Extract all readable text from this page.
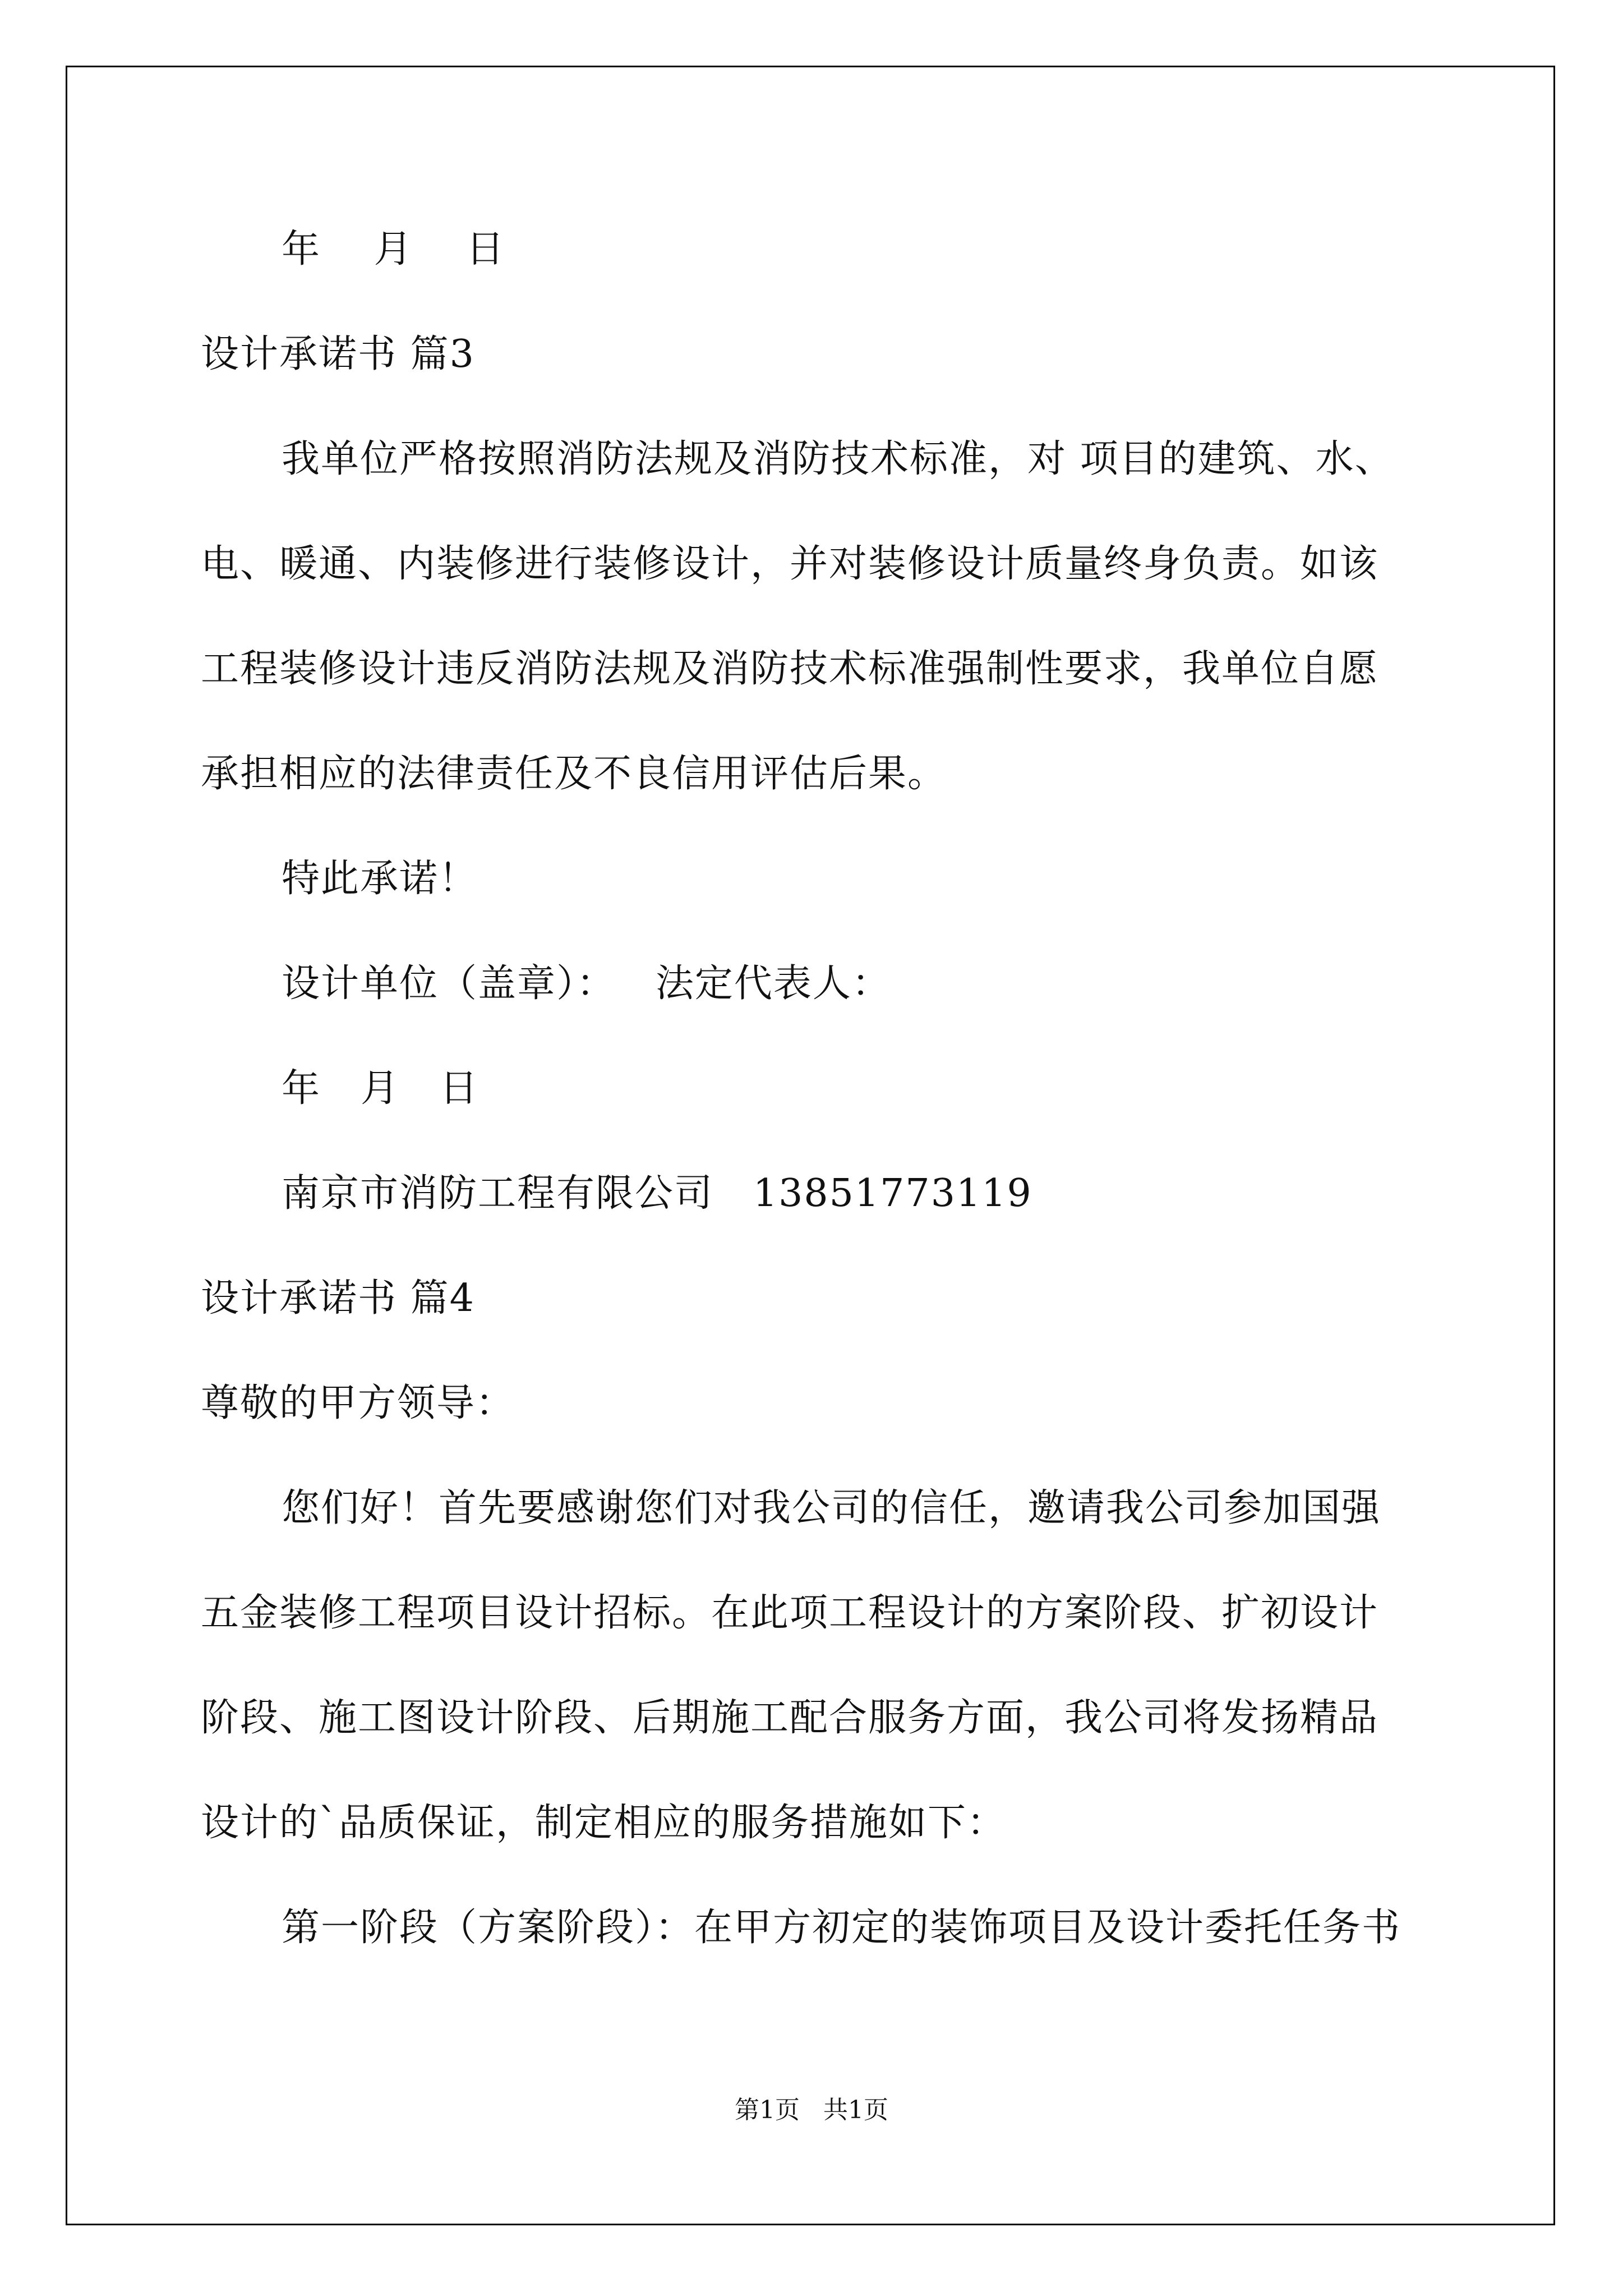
年    月    日
设计承诺书 篇3
我单位严格按照消防法规及消防技术标准，对 项目的建筑、水、
电、暖通、内装修进行装修设计，并对装修设计质量终身负责。如该
工程装修设计违反消防法规及消防技术标准强制性要求，我单位自愿
承担相应的法律责任及不良信用评估后果。
特此承诺！
设计单位（盖章）：   法定代表人：
年   月   日
南京市消防工程有限公司   13851773119
设计承诺书 篇4
尊敬的甲方领导：
您们好！首先要感谢您们对我公司的信任，邀请我公司参加国强
五金装修工程项目设计招标。在此项工程设计的方案阶段、扩初设计
阶段、施工图设计阶段、后期施工配合服务方面，我公司将发扬精品
设计的`品质保证，制定相应的服务措施如下：
第一阶段（方案阶段）：在甲方初定的装饰项目及设计委托任务书
第1页   共1页
